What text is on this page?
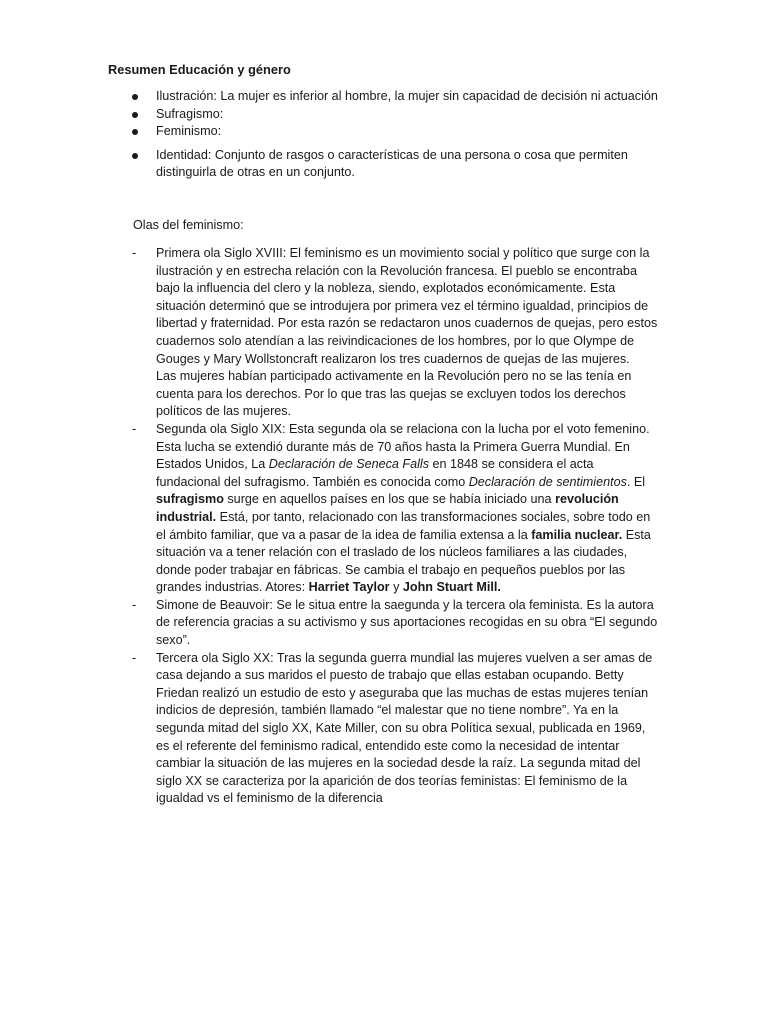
Resumen Educación y género
Ilustración: La mujer es inferior al hombre, la mujer sin capacidad de decisión ni actuación
Sufragismo:
Feminismo:
Identidad: Conjunto de rasgos o características de una persona o cosa que permiten distinguirla de otras en un conjunto.
Olas del feminismo:
- Primera ola Siglo XVIII: El feminismo es un movimiento social y político que surge con la ilustración y en estrecha relación con la Revolución francesa. El pueblo se encontraba bajo la influencia del clero y la nobleza, siendo, explotados económicamente. Esta situación determinó que se introdujera por primera vez el término igualdad, principios de libertad y fraternidad. Por esta razón se redactaron unos cuadernos de quejas, pero estos cuadernos solo atendían a las reivindicaciones de los hombres, por lo que Olympe de Gouges y Mary Wollstoncraft realizaron los tres cuadernos de quejas de las mujeres.
Las mujeres habían participado activamente en la Revolución pero no se las tenía en cuenta para los derechos. Por lo que tras las quejas se excluyen todos los derechos políticos de las mujeres.
- Segunda ola Siglo XIX: Esta segunda ola se relaciona con la lucha por el voto femenino. Esta lucha se extendió durante más de 70 años hasta la Primera Guerra Mundial. En Estados Unidos, La Declaración de Seneca Falls en 1848 se considera el acta fundacional del sufragismo. También es conocida como Declaración de sentimientos. El sufragismo surge en aquellos países en los que se había iniciado una revolución industrial. Está, por tanto, relacionado con las transformaciones sociales, sobre todo en el ámbito familiar, que va a pasar de la idea de familia extensa a la familia nuclear. Esta situación va a tener relación con el traslado de los núcleos familiares a las ciudades, donde poder trabajar en fábricas. Se cambia el trabajo en pequeños pueblos por las grandes industrias. Atores: Harriet Taylor y John Stuart Mill.
- Simone de Beauvoir: Se le situa entre la saegunda y la tercera ola feminista. Es la autora de referencia gracias a su activismo y sus aportaciones recogidas en su obra “El segundo sexo”.
- Tercera ola Siglo XX: Tras la segunda guerra mundial las mujeres vuelven a ser amas de casa dejando a sus maridos el puesto de trabajo que ellas estaban ocupando. Betty Friedan realizó un estudio de esto y aseguraba que las muchas de estas mujeres tenían indicios de depresión, también llamado “el malestar que no tiene nombre”. Ya en la segunda mitad del siglo XX, Kate Miller, con su obra Política sexual, publicada en 1969, es el referente del feminismo radical, entendido este como la necesidad de intentar cambiar la situación de las mujeres en la sociedad desde la raíz. La segunda mitad del siglo XX se caracteriza por la aparición de dos teorías feministas: El feminismo de la igualdad vs el feminismo de la diferencia
